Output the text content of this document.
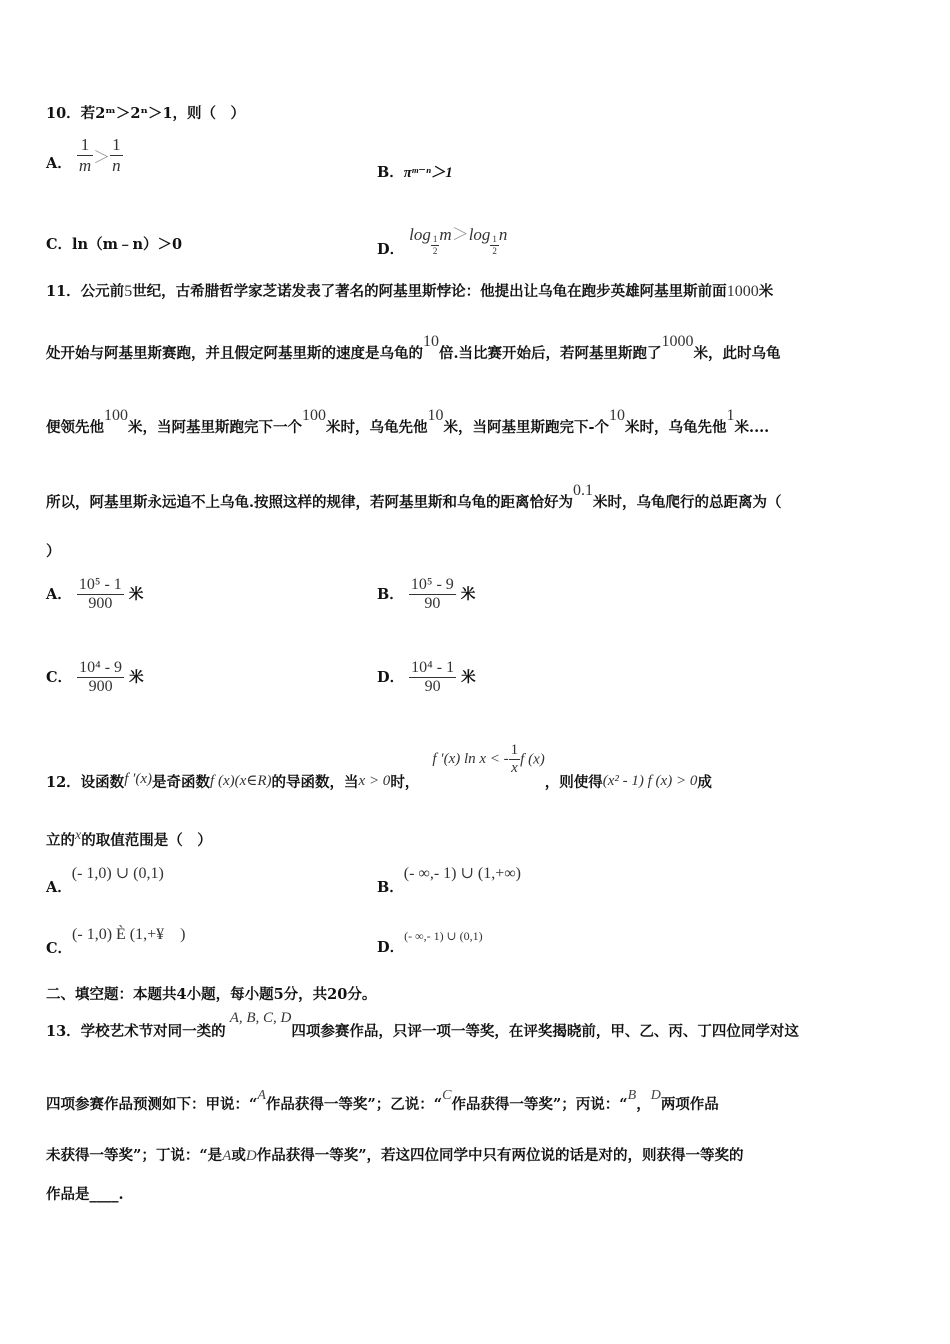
10．若2ᵐ＞2ⁿ＞1，则（　）
A． $\frac{1}{m} > \frac{1}{n}$	B．πᵐ⁻ⁿ＞1
C．ln（m﹣n）＞0	D． log
$\frac{1}{2}$
m＞log
$\frac{1}{2}$
n
11．公元前5世纪，古希腊哲学家芝诺发表了著名的阿基里斯悖论：他提出让乌龟在跑步英雄阿基里斯前面1000米
处开始与阿基里斯赛跑，并且假定阿基里斯的速度是乌龟的10倍.当比赛开始后，若阿基里斯跑了1000米，此时乌龟
便领先他100米，当阿基里斯跑完下一个100米时，乌龟先他10米，当阿基里斯跑完下-个10米时，乌龟先他1米....
所以，阿基里斯永远追不上乌龟.按照这样的规律，若阿基里斯和乌龟的距离恰好为0.1米时，乌龟爬行的总距离为（
）
A． $\frac{\text{10⁵ - 1}}{900}$ 米	B． $\frac{\text{10⁵ - 9}}{90}$ 米
C． $\frac{\text{10⁴ - 9}}{900}$ 米	D． $\frac{\text{10⁴ - 1}}{90}$ 米
12．设函数f ′(x)是奇函数f (x)(x∈R)的导函数，当x > 0时， f ′(x) ln x < - $\frac{1}{x}$ f (x)，则使得(x² - 1) f (x) > 0成
立的x的取值范围是（　）
A．(- 1,0) ∪ (0,1)
B．(- ∞,- 1) ∪ (1,+∞)
C．(- 1,0) È (1,+¥　)
D．(- ∞,- 1) ∪ (0,1)
二、填空题：本题共4小题，每小题5分，共20分。
13．学校艺术节对同一类的A, B, C, D四项参赛作品，只评一项一等奖，在评奖揭晓前，甲、乙、丙、丁四位同学对这
四项参赛作品预测如下：甲说：“A作品获得一等奖”；乙说：“C作品获得一等奖”；丙说：“B，D两项作品
未获得一等奖”；丁说：“是A或D作品获得一等奖”，若这四位同学中只有两位说的话是对的，则获得一等奖的
作品是____.
